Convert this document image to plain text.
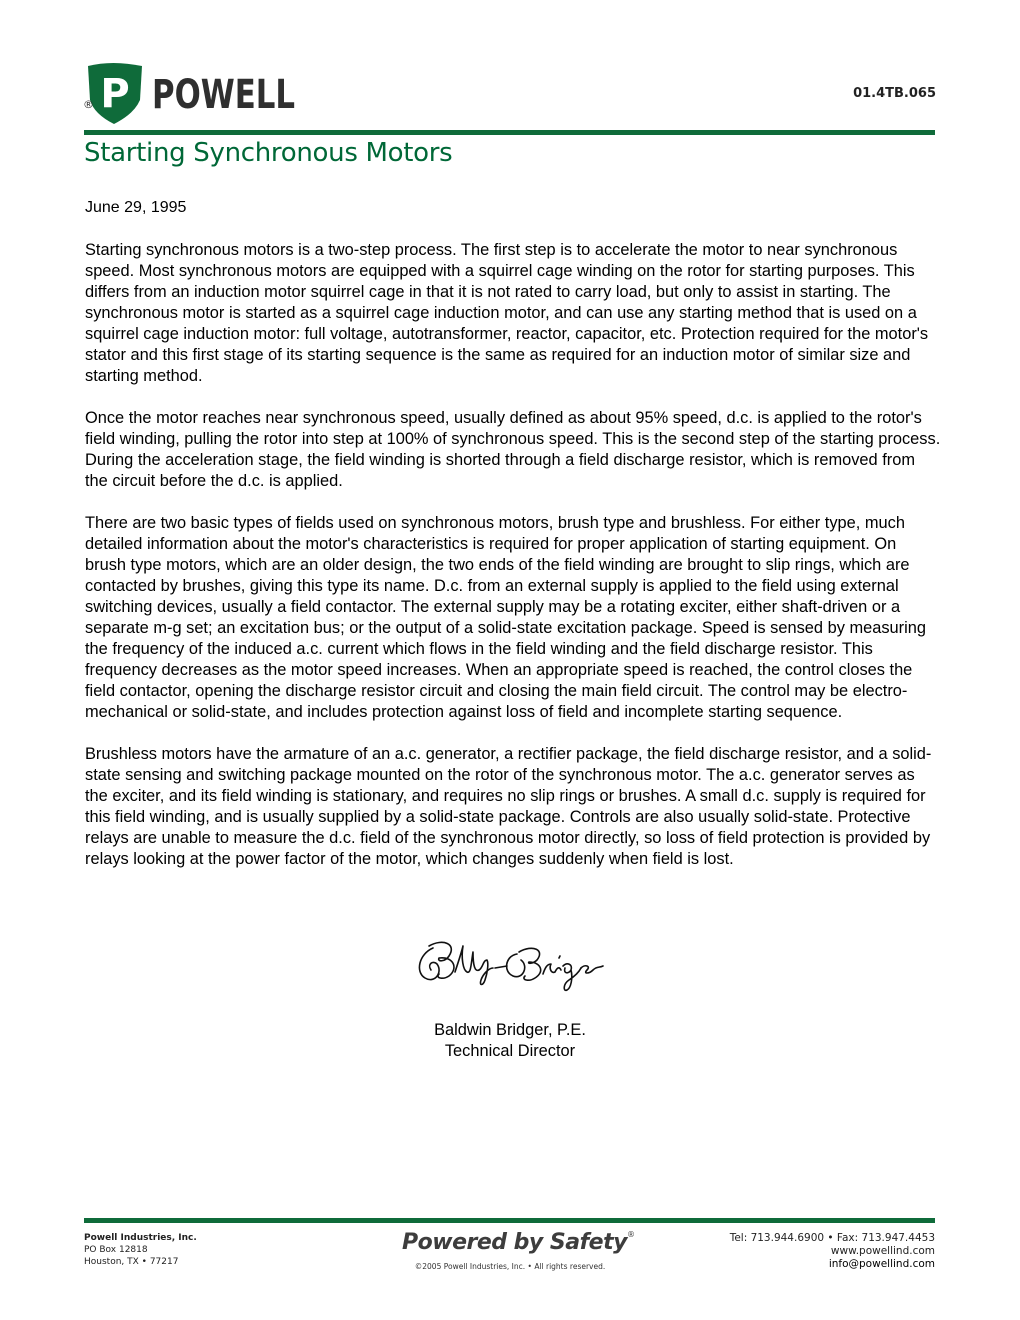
P
® POWELL	01.4TB.065
Starting Synchronous Motors
June 29, 1995

Starting synchronous motors is a two-step process. The first step is to accelerate the motor to near synchronous speed. Most synchronous motors are equipped with a squirrel cage winding on the rotor for starting purposes. This differs from an induction motor squirrel cage in that it is not rated to carry load, but only to assist in starting. The synchronous motor is started as a squirrel cage induction motor, and can use any starting method that is used on a squirrel cage induction motor: full voltage, autotransformer, reactor, capacitor, etc. Protection required for the motor's stator and this first stage of its starting sequence is the same as required for an induction motor of similar size and starting method.

Once the motor reaches near synchronous speed, usually defined as about 95% speed, d.c. is applied to the rotor's field winding, pulling the rotor into step at 100% of synchronous speed. This is the second step of the starting process. During the acceleration stage, the field winding is shorted through a field discharge resistor, which is removed from the circuit before the d.c. is applied.

There are two basic types of fields used on synchronous motors, brush type and brushless. For either type, much detailed information about the motor's characteristics is required for proper application of starting equipment. On brush type motors, which are an older design, the two ends of the field winding are brought to slip rings, which are contacted by brushes, giving this type its name. D.c. from an external supply is applied to the field using external switching devices, usually a field contactor. The external supply may be a rotating exciter, either shaft-driven or a separate m-g set; an excitation bus; or the output of a solid-state excitation package. Speed is sensed by measuring the frequency of the induced a.c. current which flows in the field winding and the field discharge resistor. This frequency decreases as the motor speed increases. When an appropriate speed is reached, the control closes the field contactor, opening the discharge resistor circuit and closing the main field circuit. The control may be electro-mechanical or solid-state, and includes protection against loss of field and incomplete starting sequence.

Brushless motors have the armature of an a.c. generator, a rectifier package, the field discharge resistor, and a solid-state sensing and switching package mounted on the rotor of the synchronous motor. The a.c. generator serves as the exciter, and its field winding is stationary, and requires no slip rings or brushes. A small d.c. supply is required for this field winding, and is usually supplied by a solid-state package. Controls are also usually solid-state. Protective relays are unable to measure the d.c. field of the synchronous motor directly, so loss of field protection is provided by relays looking at the power factor of the motor, which changes suddenly when field is lost.

Baldwin Bridger, P.E.
Technical Director
Powell Industries, Inc.
PO Box 12818
Houston, TX • 77217
Powered by Safety®
©2005 Powell Industries, Inc. • All rights reserved.
Tel: 713.944.6900 • Fax: 713.947.4453
www.powellind.com
info@powellind.com
